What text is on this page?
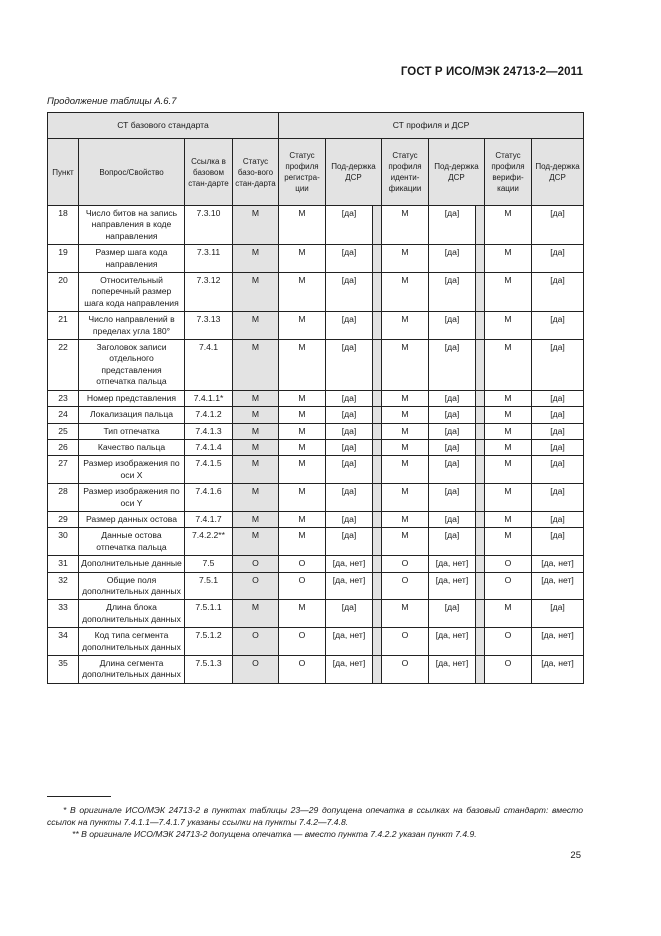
ГОСТ Р ИСО/МЭК 24713-2—2011
Продолжение таблицы А.6.7
СТ базового стандарта				СТ профиля и ДСР							
Пункт	Вопрос/Свойство	Ссылка в базовом стан-дарте	Статус базо-вого стан-дарта	Статус профиля регистра-ции	Под-держка ДСР		Статус профиля иденти-фикации	Под-держка ДСР		Статус профиля верифи-кации	Под-держка ДСР
18	Число битов на запись направления в коде направления	7.3.10	M	M	[да]		M	[да]		M	[да]
19	Размер шага кода направления	7.3.11	M	M	[да]		M	[да]		M	[да]
20	Относительный поперечный размер шага кода направления	7.3.12	M	M	[да]		M	[да]		M	[да]
21	Число направлений в пределах угла 180°	7.3.13	M	M	[да]		M	[да]		M	[да]
22	Заголовок записи отдельного представления отпечатка пальца	7.4.1	M	M	[да]		M	[да]		M	[да]
23	Номер представления	7.4.1.1*	M	M	[да]		M	[да]		M	[да]
24	Локализация пальца	7.4.1.2	M	M	[да]		M	[да]		M	[да]
25	Тип отпечатка	7.4.1.3	M	M	[да]		M	[да]		M	[да]
26	Качество пальца	7.4.1.4	M	M	[да]		M	[да]		M	[да]
27	Размер изображения по оси X	7.4.1.5	M	M	[да]		M	[да]		M	[да]
28	Размер изображения по оси Y	7.4.1.6	M	M	[да]		M	[да]		M	[да]
29	Размер данных остова	7.4.1.7	M	M	[да]		M	[да]		M	[да]
30	Данные остова отпечатка пальца	7.4.2.2**	M	M	[да]		M	[да]		M	[да]
31	Дополнительные данные	7.5	O	O	[да, нет]		O	[да, нет]		O	[да, нет]
32	Общие поля дополнительных данных	7.5.1	O	O	[да, нет]		O	[да, нет]		O	[да, нет]
33	Длина блока дополнительных данных	7.5.1.1	M	M	[да]		M	[да]		M	[да]
34	Код типа сегмента дополнительных данных	7.5.1.2	O	O	[да, нет]		O	[да, нет]		O	[да, нет]
35	Длина сегмента дополнительных данных	7.5.1.3	O	O	[да, нет]		O	[да, нет]		O	[да, нет]
* В оригинале ИСО/МЭК 24713-2 в пунктах таблицы 23—29 допущена опечатка в ссылках на базовый стандарт: вместо ссылок на пункты 7.4.1.1—7.4.1.7 указаны ссылки на пункты 7.4.2—7.4.8.
** В оригинале ИСО/МЭК 24713-2 допущена опечатка — вместо пункта 7.4.2.2 указан пункт 7.4.9.
25
